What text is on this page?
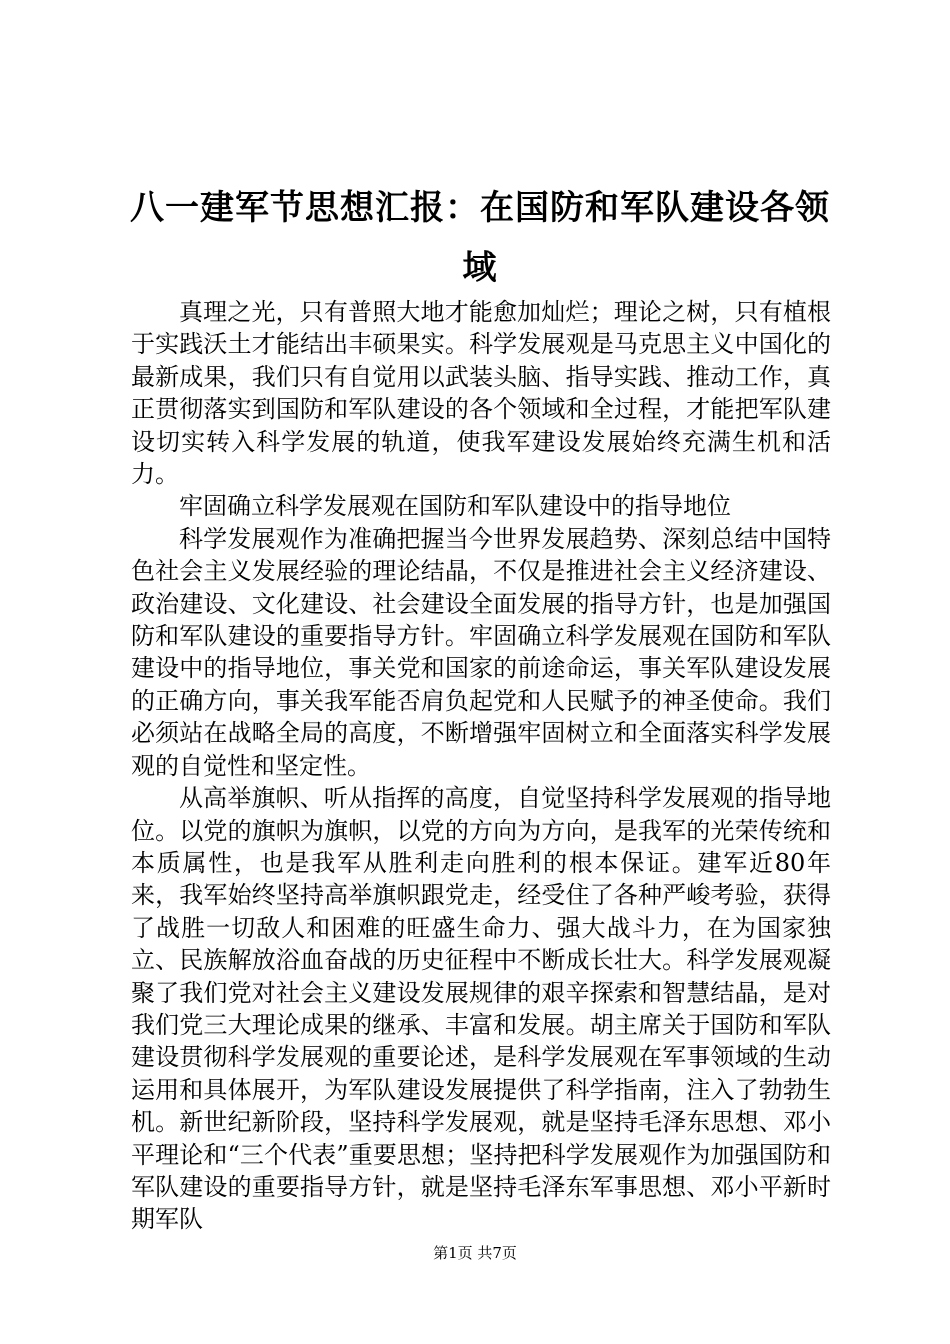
八一建军节思想汇报：在国防和军队建设各领域

真理之光，只有普照大地才能愈加灿烂；理论之树，只有植根于实践沃土才能结出丰硕果实。科学发展观是马克思主义中国化的最新成果，我们只有自觉用以武装头脑、指导实践、推动工作，真正贯彻落实到国防和军队建设的各个领域和全过程，才能把军队建设切实转入科学发展的轨道，使我军建设发展始终充满生机和活力。

牢固确立科学发展观在国防和军队建设中的指导地位

科学发展观作为准确把握当今世界发展趋势、深刻总结中国特色社会主义发展经验的理论结晶，不仅是推进社会主义经济建设、政治建设、文化建设、社会建设全面发展的指导方针，也是加强国防和军队建设的重要指导方针。牢固确立科学发展观在国防和军队建设中的指导地位，事关党和国家的前途命运，事关军队建设发展的正确方向，事关我军能否肩负起党和人民赋予的神圣使命。我们必须站在战略全局的高度，不断增强牢固树立和全面落实科学发展观的自觉性和坚定性。

从高举旗帜、听从指挥的高度，自觉坚持科学发展观的指导地位。以党的旗帜为旗帜，以党的方向为方向，是我军的光荣传统和本质属性，也是我军从胜利走向胜利的根本保证。建军近80年来，我军始终坚持高举旗帜跟党走，经受住了各种严峻考验，获得了战胜一切敌人和困难的旺盛生命力、强大战斗力，在为国家独立、民族解放浴血奋战的历史征程中不断成长壮大。科学发展观凝聚了我们党对社会主义建设发展规律的艰辛探索和智慧结晶，是对我们党三大理论成果的继承、丰富和发展。胡主席关于国防和军队建设贯彻科学发展观的重要论述，是科学发展观在军事领域的生动运用和具体展开，为军队建设发展提供了科学指南，注入了勃勃生机。新世纪新阶段，坚持科学发展观，就是坚持毛泽东思想、邓小平理论和“三个代表”重要思想；坚持把科学发展观作为加强国防和军队建设的重要指导方针，就是坚持毛泽东军事思想、邓小平新时期军队

第1页 共7页
